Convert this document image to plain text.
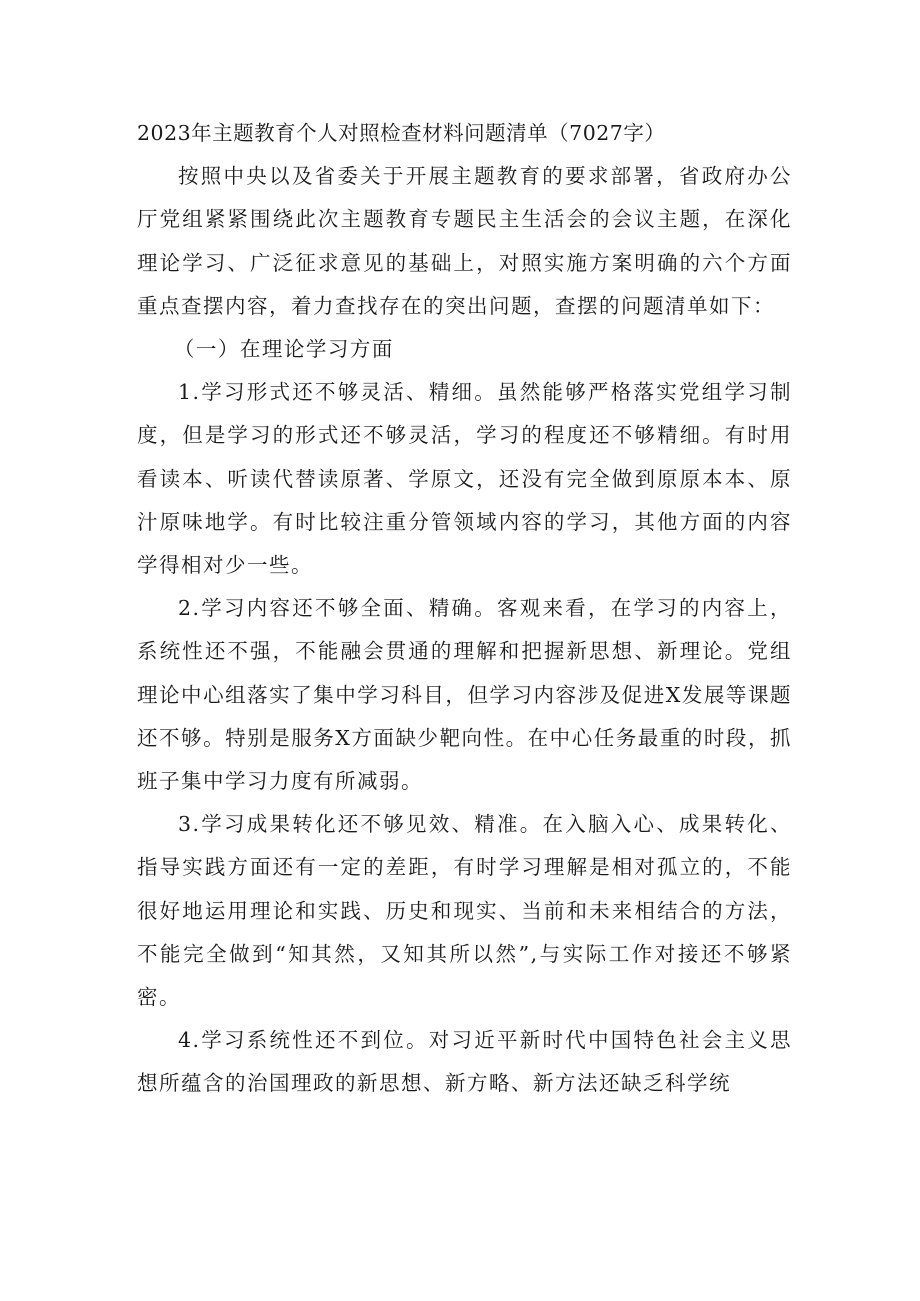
2023年主题教育个人对照检查材料问题清单（7027字）

按照中央以及省委关于开展主题教育的要求部署，省政府办公厅党组紧紧围绕此次主题教育专题民主生活会的会议主题，在深化理论学习、广泛征求意见的基础上，对照实施方案明确的六个方面重点查摆内容，着力查找存在的突出问题，查摆的问题清单如下：

（一）在理论学习方面

1.学习形式还不够灵活、精细。虽然能够严格落实党组学习制度，但是学习的形式还不够灵活，学习的程度还不够精细。有时用看读本、听读代替读原著、学原文，还没有完全做到原原本本、原汁原味地学。有时比较注重分管领域内容的学习，其他方面的内容学得相对少一些。

2.学习内容还不够全面、精确。客观来看，在学习的内容上，系统性还不强，不能融会贯通的理解和把握新思想、新理论。党组理论中心组落实了集中学习科目，但学习内容涉及促进X发展等课题还不够。特别是服务X方面缺少靶向性。在中心任务最重的时段，抓班子集中学习力度有所减弱。

3.学习成果转化还不够见效、精准。在入脑入心、成果转化、指导实践方面还有一定的差距，有时学习理解是相对孤立的，不能很好地运用理论和实践、历史和现实、当前和未来相结合的方法，不能完全做到“知其然，又知其所以然”,与实际工作对接还不够紧密。

4.学习系统性还不到位。对习近平新时代中国特色社会主义思想所蕴含的治国理政的新思想、新方略、新方法还缺乏科学统
